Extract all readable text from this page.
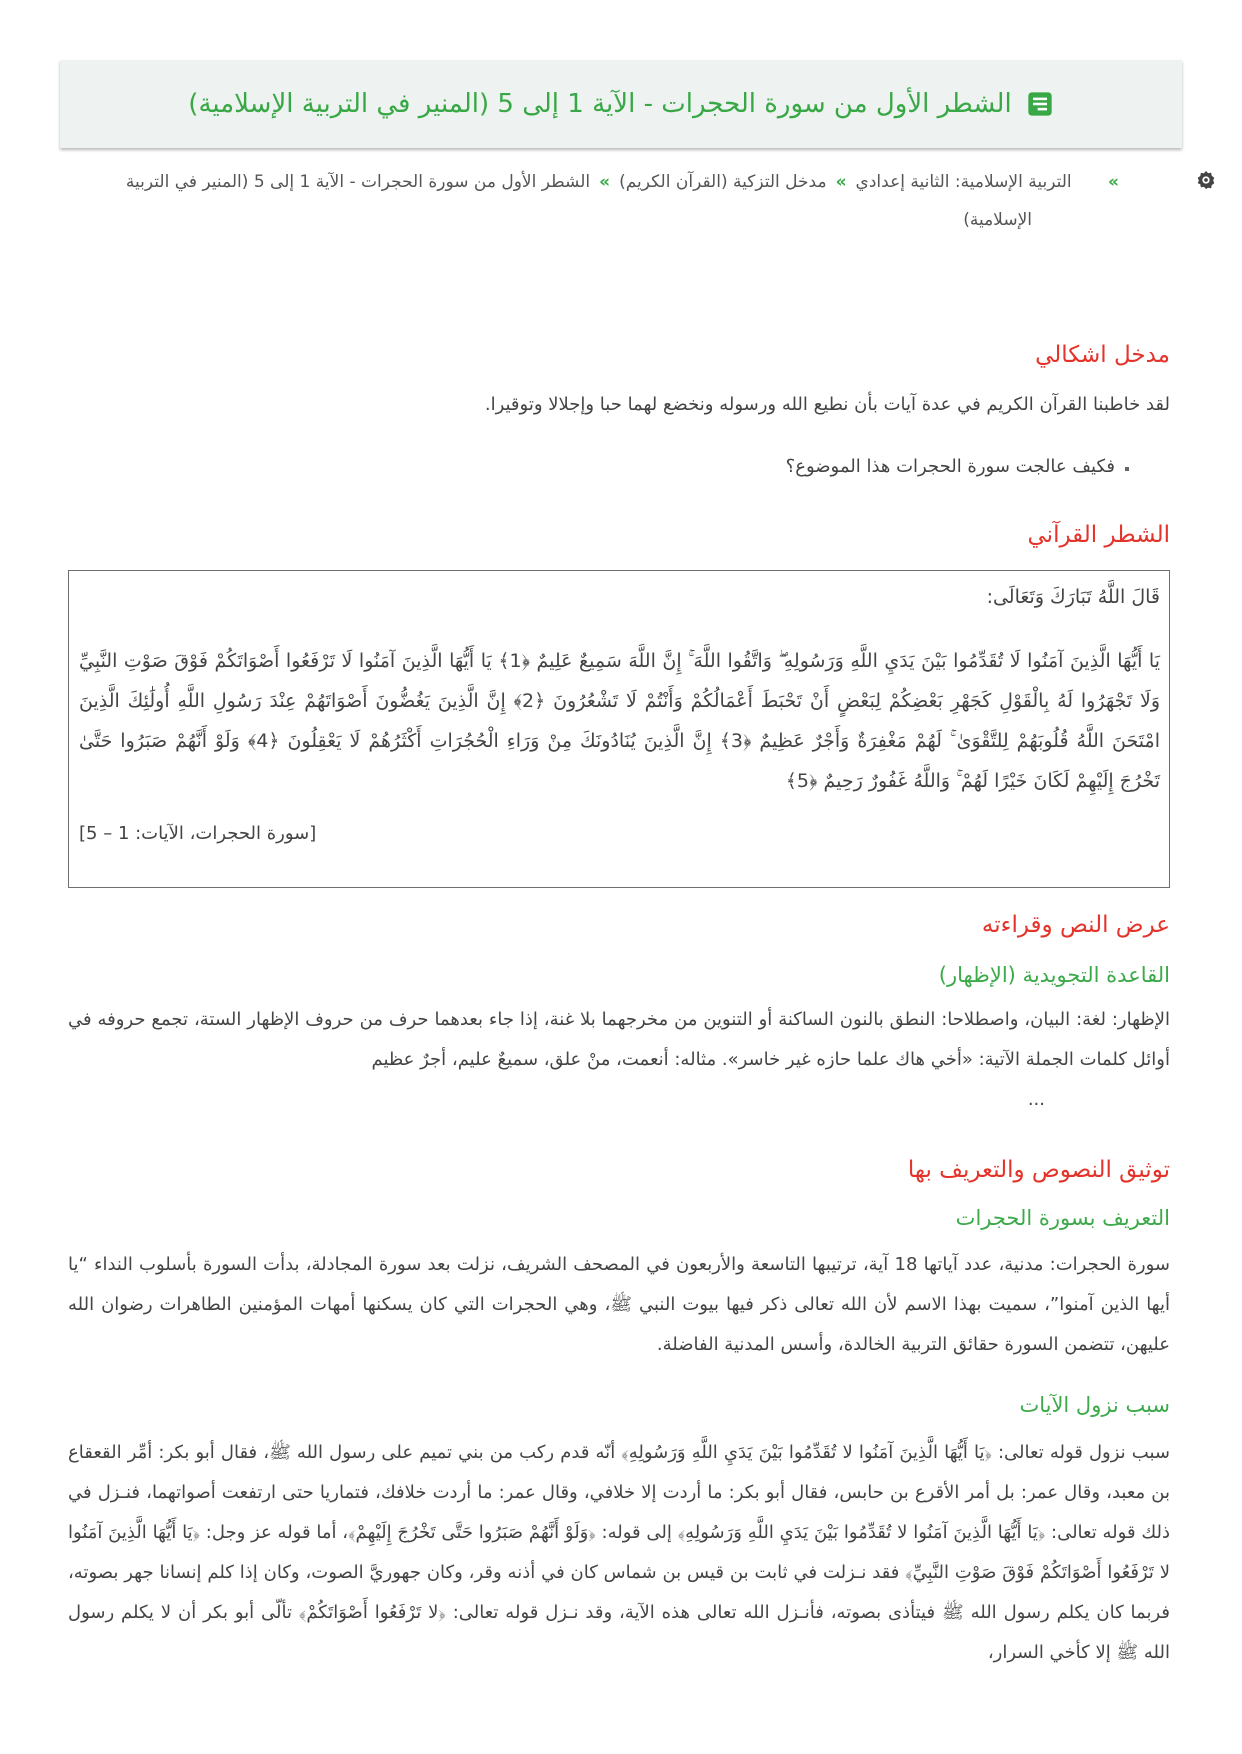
الشطر الأول من سورة الحجرات - الآية 1 إلى 5 (المنير في التربية الإسلامية)
» التربية الإسلامية: الثانية إعدادي»مدخل التزكية (القرآن الكريم)»الشطر الأول من سورة الحجرات - الآية 1 إلى 5 (المنير في التربية الإسلامية)
مدخل اشكالي

لقد خاطبنا القرآن الكريم في عدة آيات بأن نطيع الله ورسوله ونخضع لهما حبا وإجلالا وتوقيرا.

▪ فكيف عالجت سورة الحجرات هذا الموضوع؟
الشطر القرآني

قَالَ اللَّهُ تَبَارَكَ وَتَعَالَى:

يَا أَيُّهَا الَّذِينَ آمَنُوا لَا تُقَدِّمُوا بَيْنَ يَدَيِ اللَّهِ وَرَسُولِهِ ۖ وَاتَّقُوا اللَّهَ ۚ إِنَّ اللَّهَ سَمِيعٌ عَلِيمٌ ﴿1﴾ يَا أَيُّهَا الَّذِينَ آمَنُوا لَا تَرْفَعُوا أَصْوَاتَكُمْ فَوْقَ صَوْتِ النَّبِيِّ وَلَا تَجْهَرُوا لَهُ بِالْقَوْلِ كَجَهْرِ بَعْضِكُمْ لِبَعْضٍ أَنْ تَحْبَطَ أَعْمَالُكُمْ وَأَنْتُمْ لَا تَشْعُرُونَ ﴿2﴾ إِنَّ الَّذِينَ يَغُضُّونَ أَصْوَاتَهُمْ عِنْدَ رَسُولِ اللَّهِ أُولَٰئِكَ الَّذِينَ امْتَحَنَ اللَّهُ قُلُوبَهُمْ لِلتَّقْوَىٰ ۚ لَهُمْ مَغْفِرَةٌ وَأَجْرٌ عَظِيمٌ ﴿3﴾ إِنَّ الَّذِينَ يُنَادُونَكَ مِنْ وَرَاءِ الْحُجُرَاتِ أَكْثَرُهُمْ لَا يَعْقِلُونَ ﴿4﴾ وَلَوْ أَنَّهُمْ صَبَرُوا حَتَّىٰ تَخْرُجَ إِلَيْهِمْ لَكَانَ خَيْرًا لَهُمْ ۚ وَاللَّهُ غَفُورٌ رَحِيمٌ ﴿5﴾

[سورة الحجرات، الآيات: 1 – 5]

عرض النص وقراءته
القاعدة التجويدية (الإظهار)

الإظهار: لغة: البيان، واصطلاحا: النطق بالنون الساكنة أو التنوين من مخرجهما بلا غنة، إذا جاء بعدهما حرف من حروف الإظهار الستة، تجمع حروفه في أوائل كلمات الجملة الآتية: «أخي هاك علما حازه غير خاسر». مثاله: أنعمت، منْ علق، سميعٌ عليم، أجرٌ عظيم

...

توثيق النصوص والتعريف بها
التعريف بسورة الحجرات

سورة الحجرات: مدنية، عدد آياتها 18 آية، ترتيبها التاسعة والأربعون في المصحف الشريف، نزلت بعد سورة المجادلة، بدأت السورة بأسلوب النداء “يا أيها الذين آمنوا”، سميت بهذا الاسم لأن الله تعالى ذكر فيها بيوت النبي ﷺ، وهي الحجرات التي كان يسكنها أمهات المؤمنين الطاهرات رضوان الله عليهن، تتضمن السورة حقائق التربية الخالدة، وأسس المدنية الفاضلة.

سبب نزول الآيات

سبب نزول قوله تعالى: ﴿يَا أَيُّهَا الَّذِينَ آمَنُوا لا تُقَدِّمُوا بَيْنَ يَدَيِ اللَّهِ وَرَسُولِهِ﴾ أنّه قدم ركب من بني تميم على رسول الله ﷺ، فقال أبو بكر: أمِّر القعقاع بن معبد، وقال عمر: بل أمر الأقرع بن حابس، فقال أبو بكر: ما أردت إلا خلافي، وقال عمر: ما أردت خلافك، فتماريا حتى ارتفعت أصواتهما، فنـزل في ذلك قوله تعالى: ﴿يَا أَيُّهَا الَّذِينَ آمَنُوا لا تُقَدِّمُوا بَيْنَ يَدَيِ اللَّهِ وَرَسُولِهِ﴾ إلى قوله: ﴿وَلَوْ أَنَّهُمْ صَبَرُوا حَتَّى تَخْرُجَ إِلَيْهِمْ﴾، أما قوله عز وجل: ﴿يَا أَيُّهَا الَّذِينَ آمَنُوا لا تَرْفَعُوا أَصْوَاتَكُمْ فَوْقَ صَوْتِ النَّبِيِّ﴾ فقد نـزلت في ثابت بن قيس بن شماس كان في أذنه وقر، وكان جهوريَّ الصوت، وكان إذا كلم إنسانا جهر بصوته، فربما كان يكلم رسول الله ﷺ فيتأذى بصوته، فأنـزل الله تعالى هذه الآية، وقد نـزل قوله تعالى: ﴿لا تَرْفَعُوا أَصْوَاتَكُمْ﴾ تألّى أبو بكر أن لا يكلم رسول الله ﷺ إلا كأخي السرار،
